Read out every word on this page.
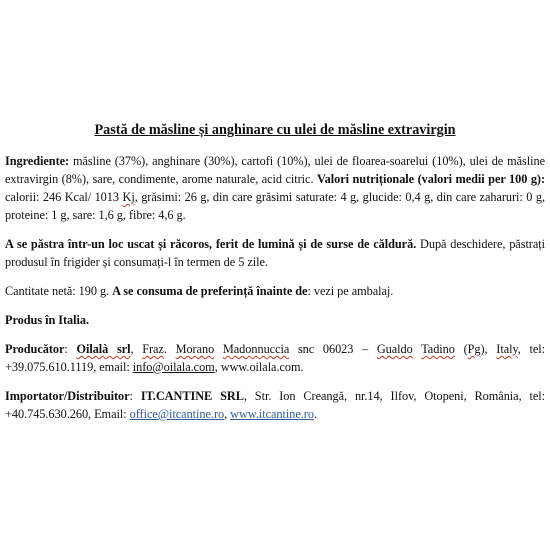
Pastă de măsline și anghinare cu ulei de măsline extravirgin

Ingrediente: măsline (37%), anghinare (30%), cartofi (10%), ulei de floarea-soarelui (10%), ulei de măsline extravirgin (8%), sare, condimente, arome naturale, acid citric. Valori nutriționale (valori medii per 100 g): calorii: 246 Kcal/ 1013 Kj, grăsimi: 26 g, din care grăsimi saturate: 4 g, glucide: 0,4 g, din care zaharuri: 0 g, proteine: 1 g, sare: 1,6 g, fibre: 4,6 g.

A se păstra într-un loc uscat și răcoros, ferit de lumină și de surse de căldură. După deschidere, păstrați produsul în frigider și consumați-l în termen de 5 zile.

Cantitate netă: 190 g. A se consuma de preferință înainte de: vezi pe ambalaj.

Produs în Italia.

Producător: Oilalà srl, Fraz. Morano Madonnuccia snc 06023 – Gualdo Tadino (Pg), Italy, tel: +39.075.610.1119, email: info@oilala.com, www.oilala.com.

Importator/Distribuitor: IT.CANTINE SRL, Str. Ion Creangă, nr.14, Ilfov, Otopeni, România, tel: +40.745.630.260, Email: office@itcantine.ro, www.itcantine.ro.
